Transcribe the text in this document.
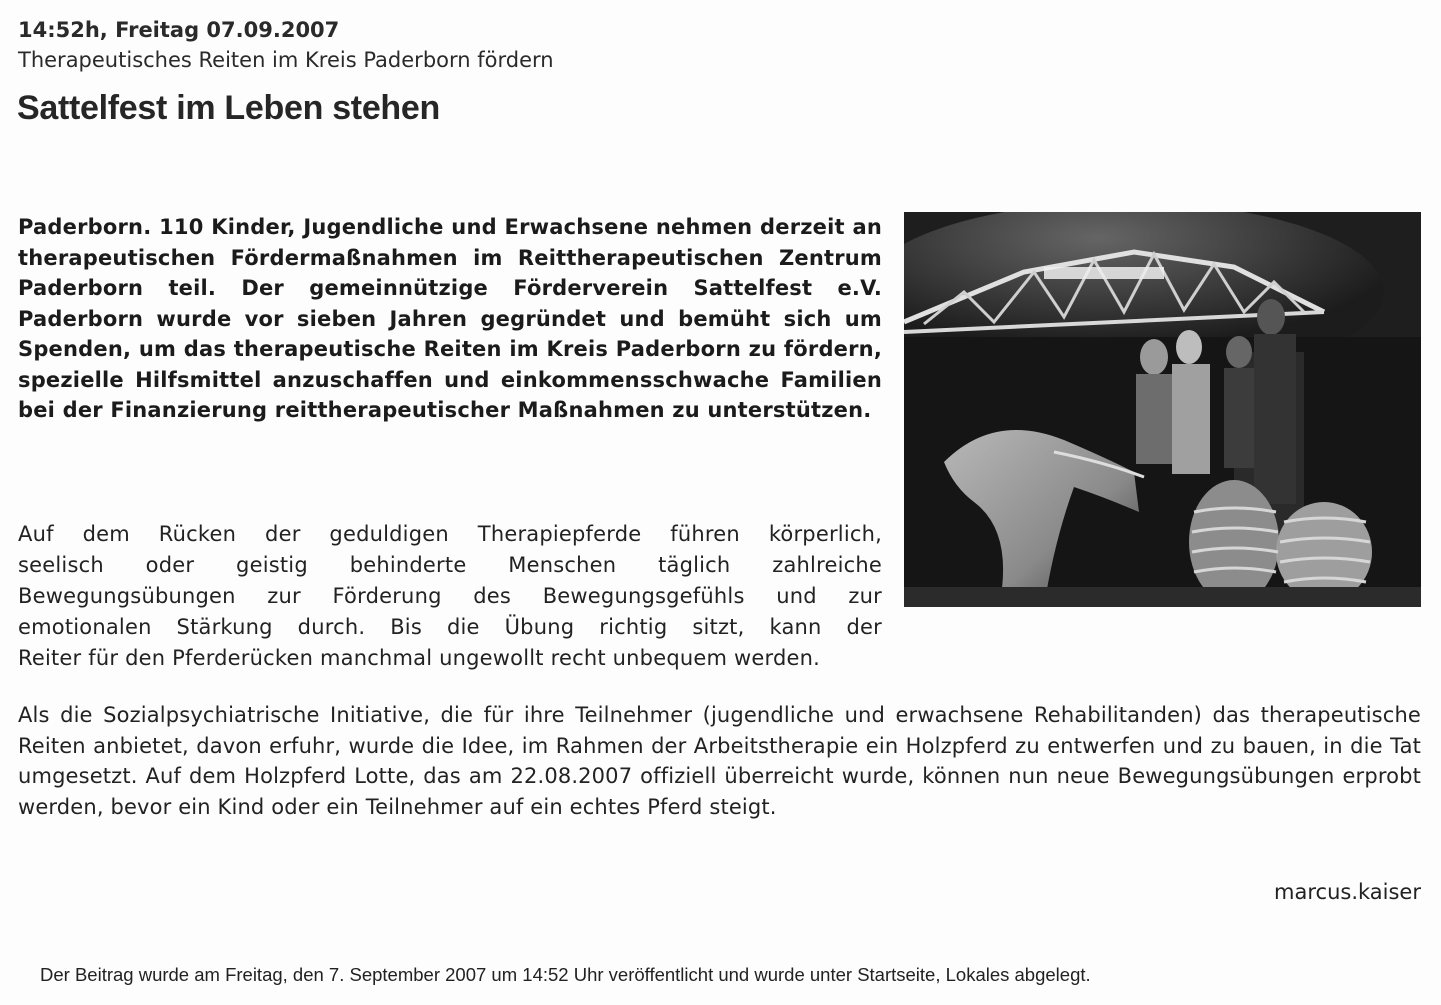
14:52h, Freitag 07.09.2007
Therapeutisches Reiten im Kreis Paderborn fördern
Sattelfest im Leben stehen

Paderborn. 110 Kinder, Jugendliche und Erwachsene nehmen derzeit an therapeutischen Fördermaßnahmen im Reittherapeutischen Zentrum Paderborn teil. Der gemeinnützige Förderverein Sattelfest e.V. Paderborn wurde vor sieben Jahren gegründet und bemüht sich um Spenden, um das therapeutische Reiten im Kreis Paderborn zu fördern, spezielle Hilfsmittel anzuschaffen und einkommensschwache Familien bei der Finanzierung reittherapeutischer Maßnahmen zu unterstützen.

Auf dem Rücken der geduldigen Therapiepferde führen körperlich,
seelisch oder geistig behinderte Menschen täglich zahlreiche
Bewegungsübungen zur Förderung des Bewegungsgefühls und zur
emotionalen Stärkung durch. Bis die Übung richtig sitzt, kann der
Reiter für den Pferderücken manchmal ungewollt recht unbequem werden.

Als die Sozialpsychiatrische Initiative, die für ihre Teilnehmer (jugendliche und erwachsene Rehabilitanden) das therapeutische Reiten anbietet, davon erfuhr, wurde die Idee, im Rahmen der Arbeitstherapie ein Holzpferd zu entwerfen und zu bauen, in die Tat umgesetzt. Auf dem Holzpferd Lotte, das am 22.08.2007 offiziell überreicht wurde, können nun neue Bewegungsübungen erprobt werden, bevor ein Kind oder ein Teilnehmer auf ein echtes Pferd steigt.

marcus.kaiser
Der Beitrag wurde am Freitag, den 7. September 2007 um 14:52 Uhr veröffentlicht und wurde unter Startseite, Lokales abgelegt.
